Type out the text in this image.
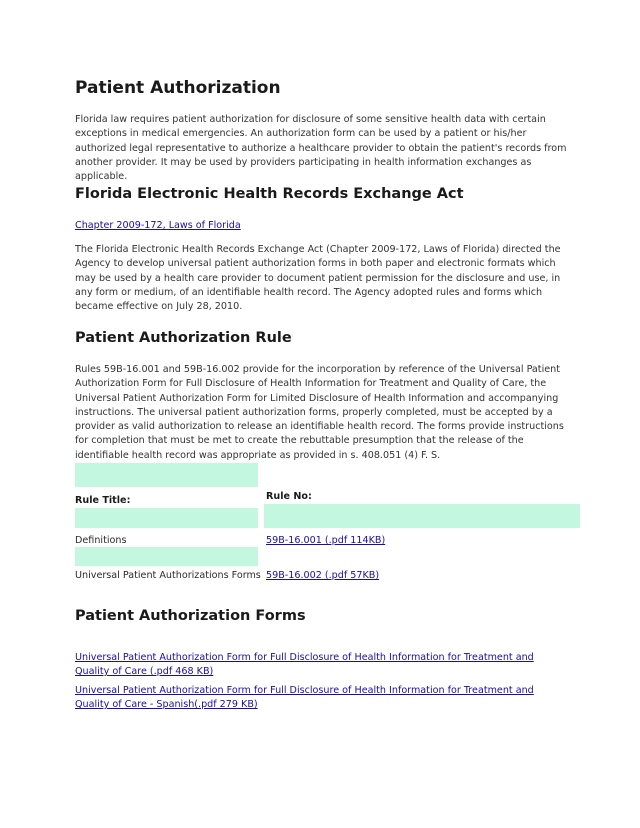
Patient Authorization

Florida law requires patient authorization for disclosure of some sensitive health data with certain exceptions in medical emergencies. An authorization form can be used by a patient or his/her authorized legal representative to authorize a healthcare provider to obtain the patient's records from another provider. It may be used by providers participating in health information exchanges as applicable.

Florida Electronic Health Records Exchange Act
Chapter 2009-172, Laws of Florida

The Florida Electronic Health Records Exchange Act (Chapter 2009-172, Laws of Florida) directed the Agency to develop universal patient authorization forms in both paper and electronic formats which may be used by a health care provider to document patient permission for the disclosure and use, in any form or medium, of an identifiable health record. The Agency adopted rules and forms which became effective on July 28, 2010.

Patient Authorization Rule

Rules 59B-16.001 and 59B-16.002 provide for the incorporation by reference of the Universal Patient Authorization Form for Full Disclosure of Health Information for Treatment and Quality of Care, the Universal Patient Authorization Form for Limited Disclosure of Health Information and accompanying instructions. The universal patient authorization forms, properly completed, must be accepted by a provider as valid authorization to release an identifiable health record. The forms provide instructions for completion that must be met to create the rebuttable presumption that the release of the identifiable health record was appropriate as provided in s. 408.051 (4) F. S.

Rule Title:	Rule No:
Definitions	59B-16.001 (.pdf 114KB)
Universal Patient Authorizations Forms 59B-16.002 (.pdf 57KB)
Patient Authorization Forms
Universal Patient Authorization Form for Full Disclosure of Health Information for Treatment and Quality of Care (.pdf 468 KB)
Universal Patient Authorization Form for Full Disclosure of Health Information for Treatment and Quality of Care - Spanish(.pdf 279 KB)
